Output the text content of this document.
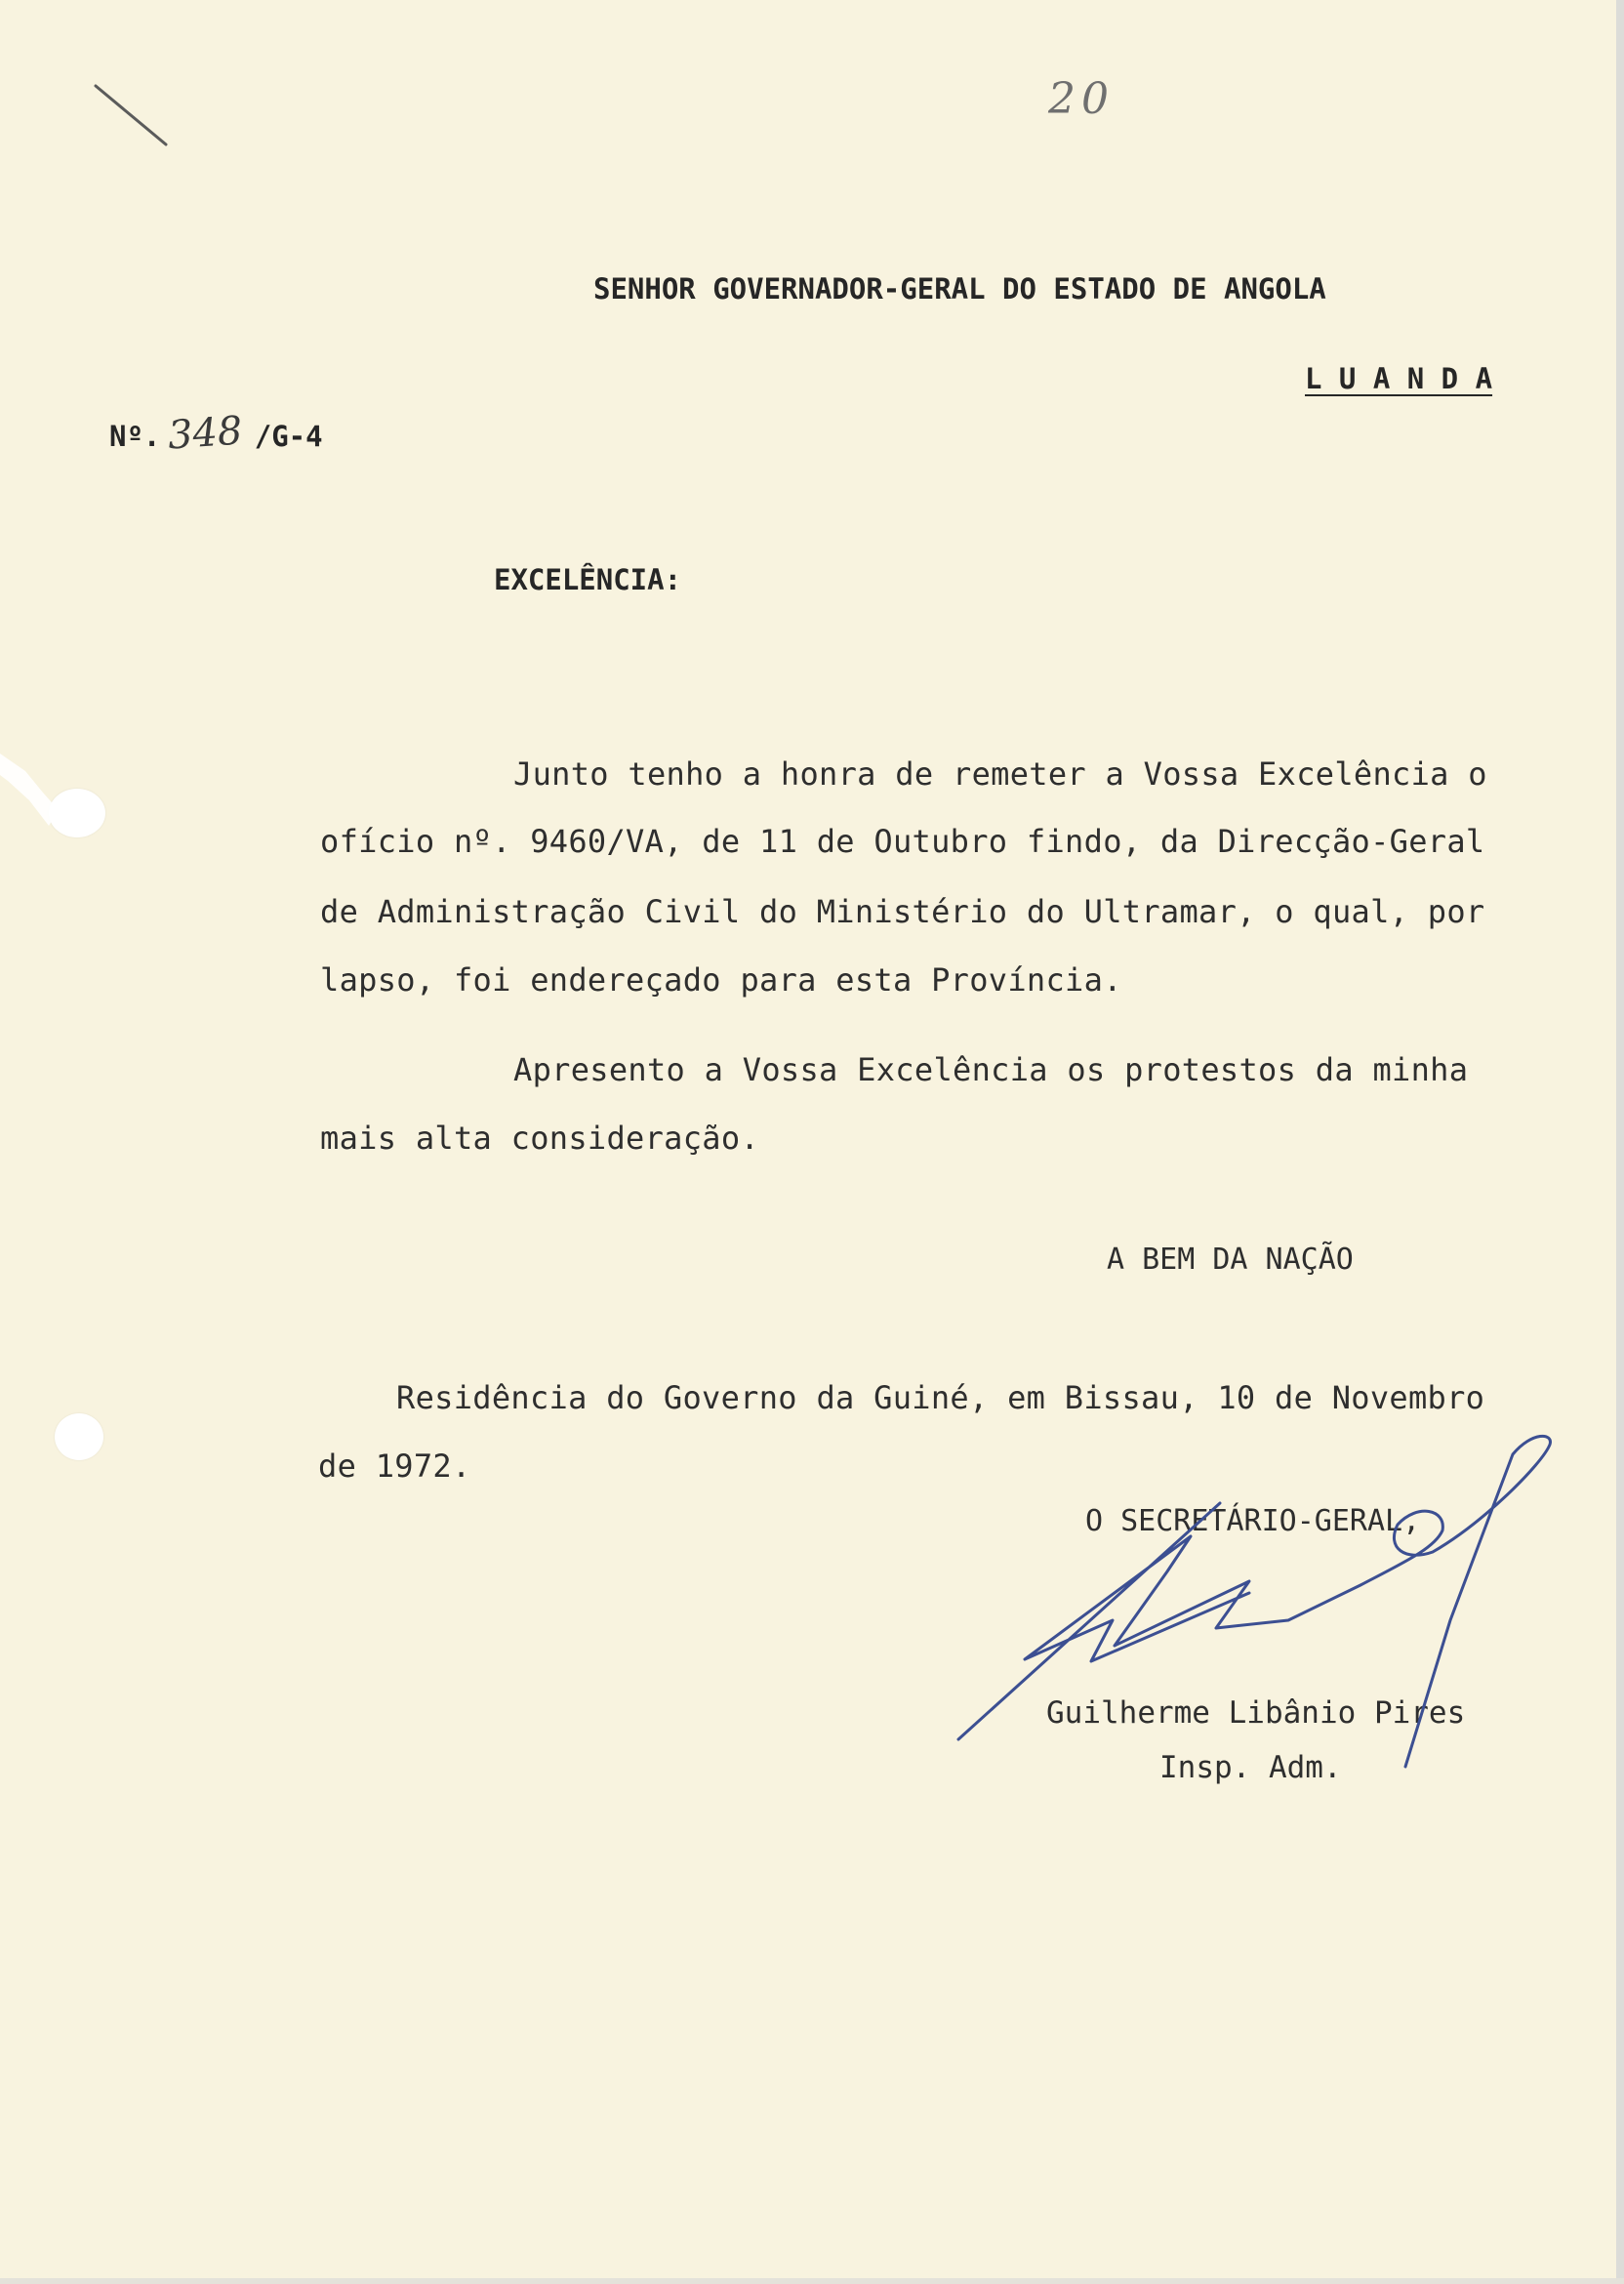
20
SENHOR GOVERNADOR-GERAL DO ESTADO DE ANGOLA
L U A N D A
Nº. 348 /G-4
EXCELÊNCIA:
Junto tenho a honra de remeter a Vossa Excelência o
ofício nº. 9460/VA, de 11 de Outubro findo, da Direcção-Geral
de Administração Civil do Ministério do Ultramar, o qual, por
lapso, foi endereçado para esta Província.
Apresento a Vossa Excelência os protestos da minha
mais alta consideração.
A BEM DA NAÇÃO
Residência do Governo da Guiné, em Bissau, 10 de Novembro
de 1972.
O SECRETÁRIO-GERAL,
Guilherme Libânio Pires
Insp. Adm.
